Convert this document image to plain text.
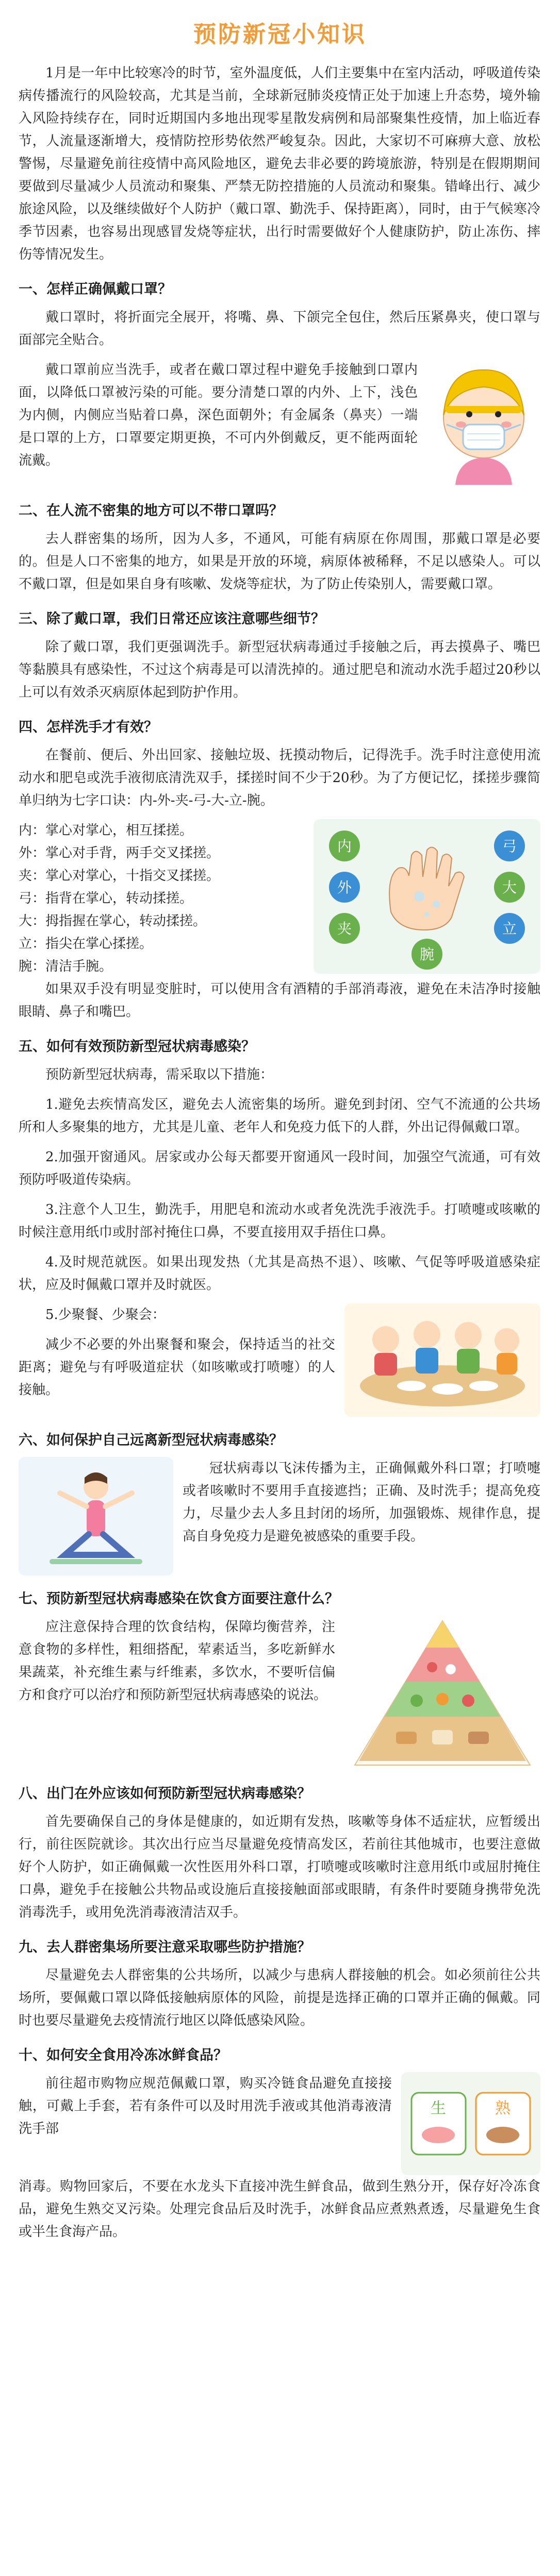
预防新冠小知识

1月是一年中比较寒冷的时节，室外温度低，人们主要集中在室内活动，呼吸道传染病传播流行的风险较高，尤其是当前，全球新冠肺炎疫情正处于加速上升态势，境外输入风险持续存在，同时近期国内多地出现零星散发病例和局部聚集性疫情，加上临近春节，人流量逐渐增大，疫情防控形势依然严峻复杂。因此，大家切不可麻痹大意、放松警惕，尽量避免前往疫情中高风险地区，避免去非必要的跨境旅游，特别是在假期期间要做到尽量减少人员流动和聚集、严禁无防控措施的人员流动和聚集。错峰出行、减少旅途风险，以及继续做好个人防护（戴口罩、勤洗手、保持距离），同时，由于气候寒冷季节因素，也容易出现感冒发烧等症状，出行时需要做好个人健康防护，防止冻伤、摔伤等情况发生。

一、怎样正确佩戴口罩？

戴口罩时，将折面完全展开，将嘴、鼻、下颌完全包住，然后压紧鼻夹，使口罩与面部完全贴合。

戴口罩前应当洗手，或者在戴口罩过程中避免手接触到口罩内面，以降低口罩被污染的可能。要分清楚口罩的内外、上下，浅色为内侧，内侧应当贴着口鼻，深色面朝外；有金属条（鼻夹）一端是口罩的上方，口罩要定期更换，不可内外倒戴反，更不能两面轮流戴。

二、在人流不密集的地方可以不带口罩吗？

去人群密集的场所，因为人多，不通风，可能有病原在你周围，那戴口罩是必要的。但是人口不密集的地方，如果是开放的环境，病原体被稀释，不足以感染人。可以不戴口罩，但是如果自身有咳嗽、发烧等症状，为了防止传染别人，需要戴口罩。

三、除了戴口罩，我们日常还应该注意哪些细节？

除了戴口罩，我们更强调洗手。新型冠状病毒通过手接触之后，再去摸鼻子、嘴巴等黏膜具有感染性，不过这个病毒是可以清洗掉的。通过肥皂和流动水洗手超过20秒以上可以有效杀灭病原体起到防护作用。

四、怎样洗手才有效？

在餐前、便后、外出回家、接触垃圾、抚摸动物后，记得洗手。洗手时注意使用流动水和肥皂或洗手液彻底清洗双手，揉搓时间不少于20秒。为了方便记忆，揉搓步骤简单归纳为七字口诀：内-外-夹-弓-大-立-腕。

内：掌心对掌心，相互揉搓。

外：掌心对手背，两手交叉揉搓。

夹：掌心对掌心，十指交叉揉搓。

弓：指背在掌心，转动揉搓。

大：拇指握在掌心，转动揉搓。

立：指尖在掌心揉搓。

腕：清洁手腕。

内
外
夹
弓
大
立
腕

如果双手没有明显变脏时，可以使用含有酒精的手部消毒液，避免在未洁净时接触眼睛、鼻子和嘴巴。

五、如何有效预防新型冠状病毒感染？

预防新型冠状病毒，需采取以下措施：

1.避免去疾情高发区，避免去人流密集的场所。避免到封闭、空气不流通的公共场所和人多聚集的地方，尤其是儿童、老年人和免疫力低下的人群，外出记得佩戴口罩。

2.加强开窗通风。居家或办公每天都要开窗通风一段时间，加强空气流通，可有效预防呼吸道传染病。

3.注意个人卫生，勤洗手，用肥皂和流动水或者免洗洗手液洗手。打喷嚏或咳嗽的时候注意用纸巾或肘部衬掩住口鼻，不要直接用双手捂住口鼻。

4.及时规范就医。如果出现发热（尤其是高热不退）、咳嗽、气促等呼吸道感染症状，应及时佩戴口罩并及时就医。

5.少聚餐、少聚会：

减少不必要的外出聚餐和聚会，保持适当的社交距离；避免与有呼吸道症状（如咳嗽或打喷嚏）的人接触。

六、如何保护自己远离新型冠状病毒感染？

冠状病毒以飞沫传播为主，正确佩戴外科口罩；打喷嚏或者咳嗽时不要用手直接遮挡；正确、及时洗手；提高免疫力，尽量少去人多且封闭的场所，加强锻炼、规律作息，提高自身免疫力是避免被感染的重要手段。

七、预防新型冠状病毒感染在饮食方面要注意什么？

应注意保持合理的饮食结构，保障均衡营养，注意食物的多样性，粗细搭配，荤素适当，多吃新鲜水果蔬菜，补充维生素与纤维素，多饮水，不要听信偏方和食疗可以治疗和预防新型冠状病毒感染的说法。

八、出门在外应该如何预防新型冠状病毒感染？

首先要确保自己的身体是健康的，如近期有发热，咳嗽等身体不适症状，应暂缓出行，前往医院就诊。其次出行应当尽量避免疫情高发区，若前往其他城市，也要注意做好个人防护，如正确佩戴一次性医用外科口罩，打喷嚏或咳嗽时注意用纸巾或屈肘掩住口鼻，避免手在接触公共物品或设施后直接接触面部或眼睛，有条件时要随身携带免洗消毒洗手，或用免洗消毒液清洁双手。

九、去人群密集场所要注意采取哪些防护措施？

尽量避免去人群密集的公共场所，以减少与患病人群接触的机会。如必须前往公共场所，要佩戴口罩以降低接触病原体的风险，前提是选择正确的口罩并正确的佩戴。同时也要尽量避免去疫情流行地区以降低感染风险。

十、如何安全食用冷冻冰鲜食品？

前往超市购物应规范佩戴口罩，购买冷链食品避免直接接触，可戴上手套，若有条件可以及时用洗手液或其他消毒液清洗手部

生	熟

消毒。购物回家后，不要在水龙头下直接冲洗生鲜食品，做到生熟分开，保存好冷冻食品，避免生熟交叉污染。处理完食品后及时洗手，冰鲜食品应煮熟煮透，尽量避免生食或半生食海产品。
